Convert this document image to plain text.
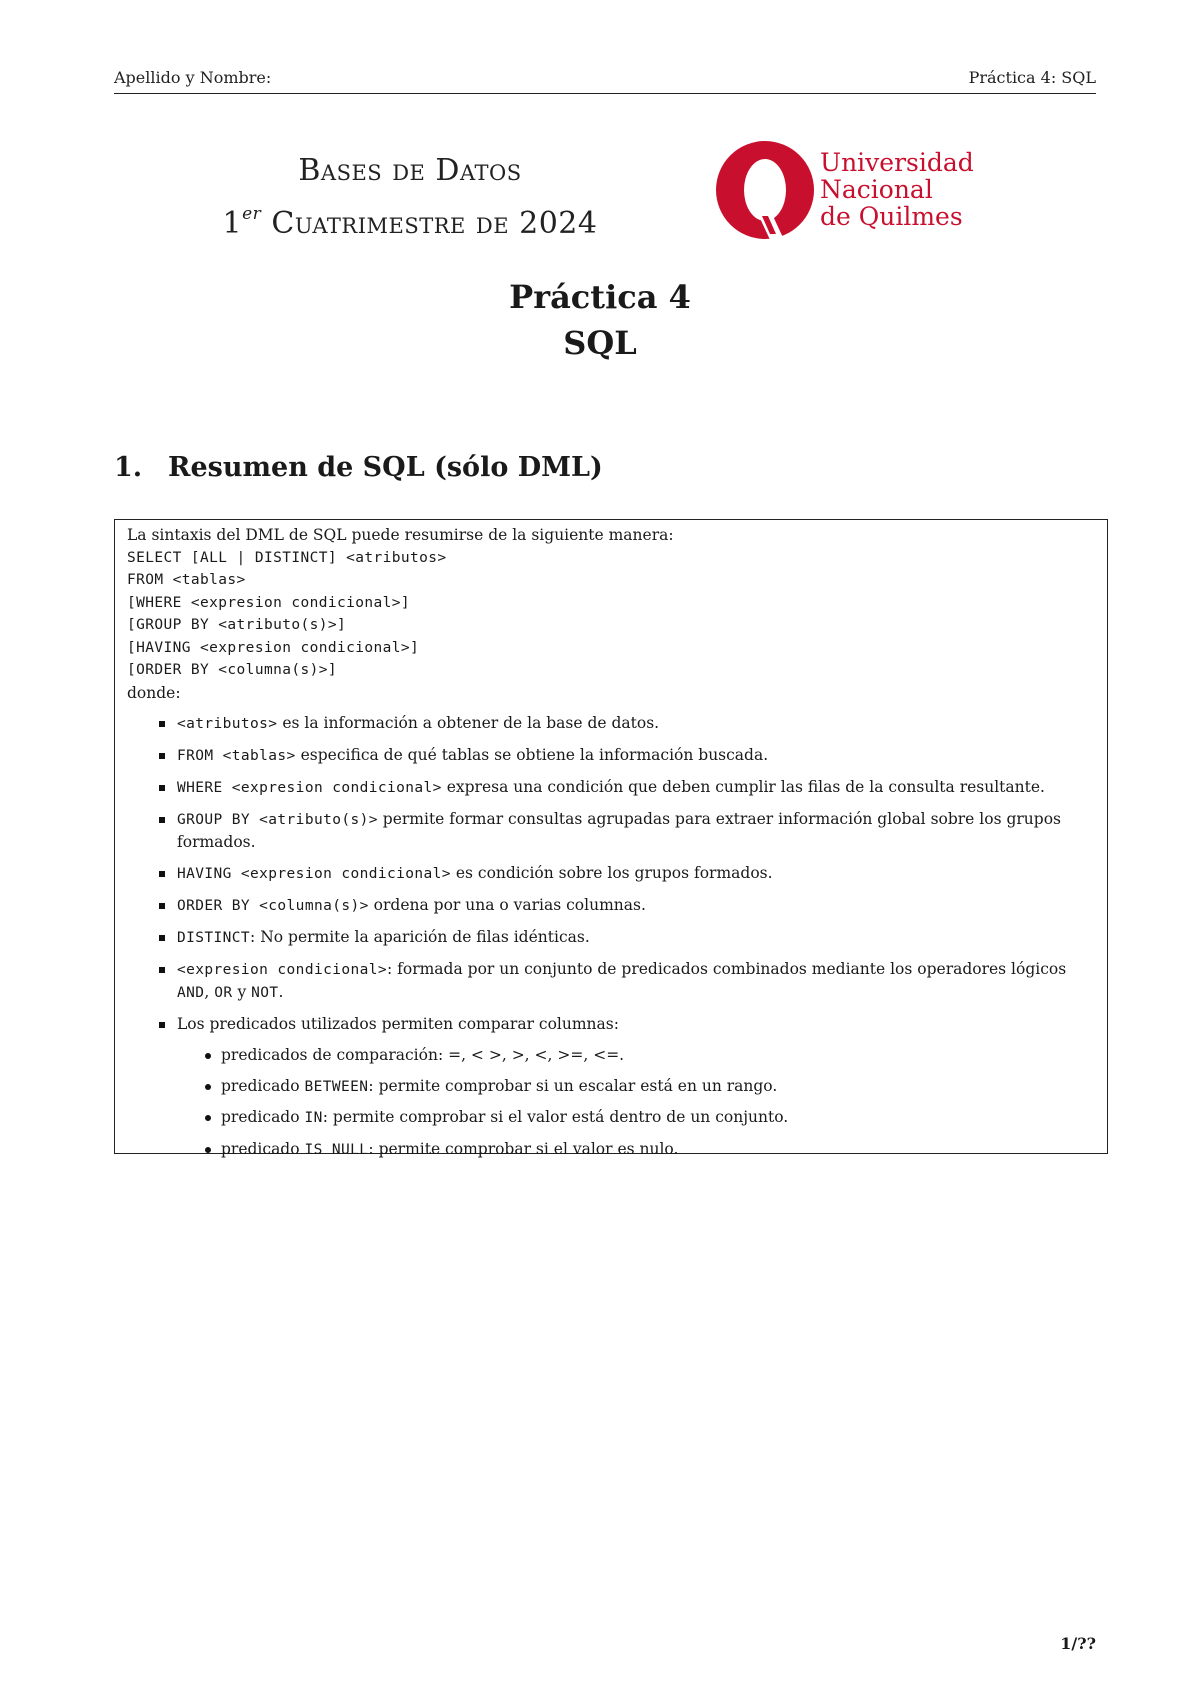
Apellido y Nombre:	Práctica 4: SQL
Bases de Datos
1er Cuatrimestre de 2024
Universidad
Nacional
de Quilmes
Práctica 4
SQL
1. Resumen de SQL (sólo DML)

La sintaxis del DML de SQL puede resumirse de la siguiente manera:

SELECT [ALL | DISTINCT] <atributos>
FROM <tablas>
[WHERE <expresion condicional>]
[GROUP BY <atributo(s)>]
[HAVING <expresion condicional>]
[ORDER BY <columna(s)>]

donde:

<atributos> es la información a obtener de la base de datos.
FROM <tablas> especifica de qué tablas se obtiene la información buscada.
WHERE <expresion condicional> expresa una condición que deben cumplir las filas de la consulta resultante.
GROUP BY <atributo(s)> permite formar consultas agrupadas para extraer información global sobre los grupos formados.
HAVING <expresion condicional> es condición sobre los grupos formados.
ORDER BY <columna(s)> ordena por una o varias columnas.
DISTINCT: No permite la aparición de filas idénticas.
<expresion condicional>: formada por un conjunto de predicados combinados mediante los operadores lógicos AND, OR y NOT.
Los predicados utilizados permiten comparar columnas:
predicados de comparación: =, < >, >, <, >=, <=.
predicado BETWEEN: permite comprobar si un escalar está en un rango.
predicado IN: permite comprobar si el valor está dentro de un conjunto.
predicado IS NULL: permite comprobar si el valor es nulo.
1/??
